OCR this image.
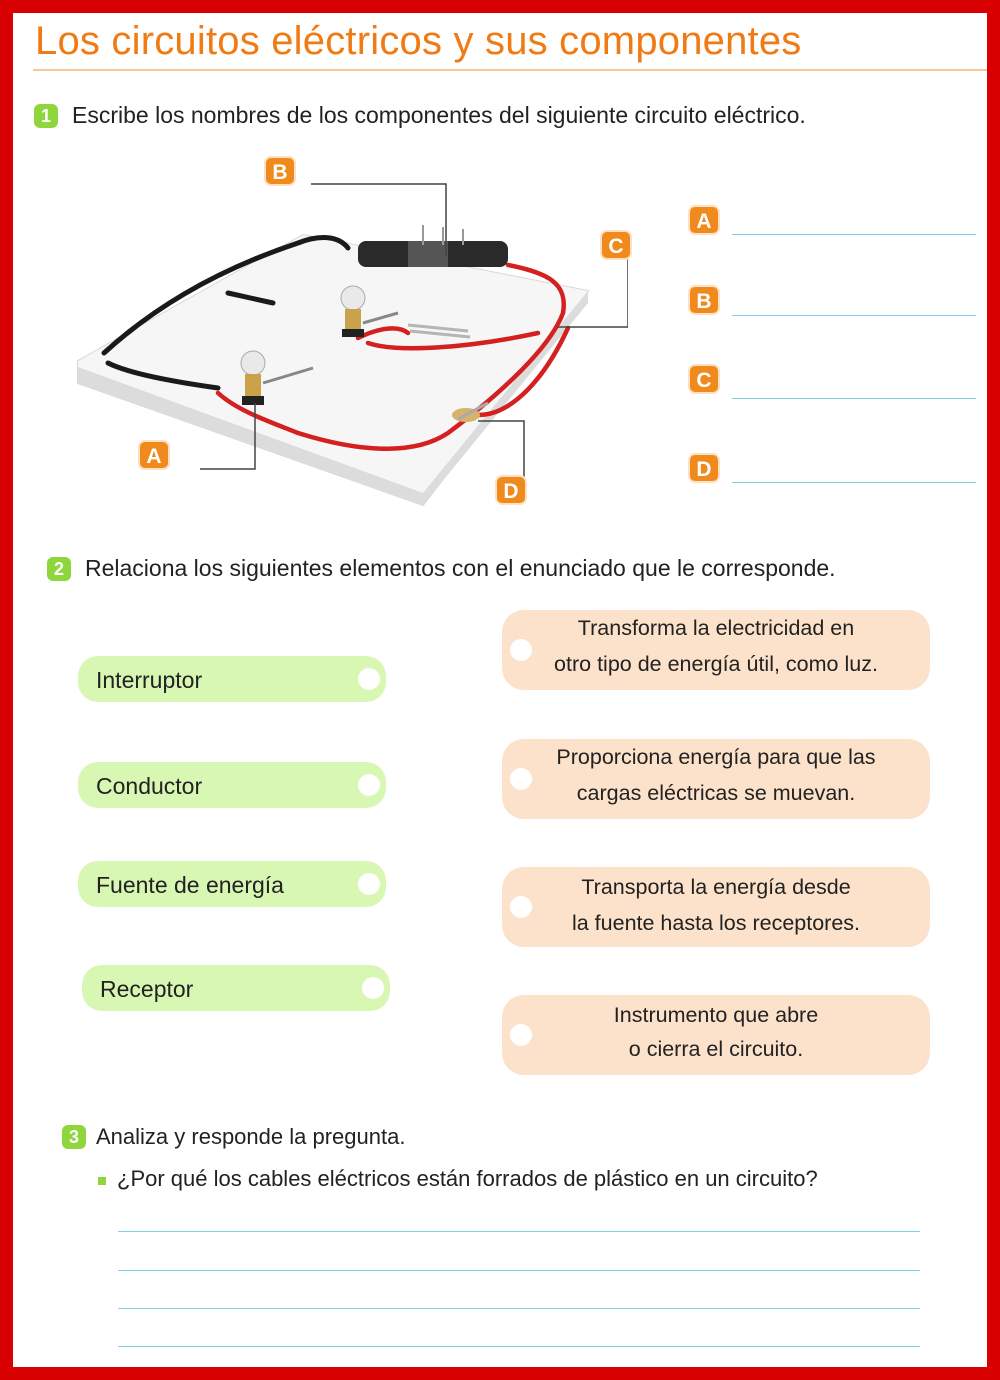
Los circuitos eléctricos y sus componentes
1 Escribe los nombres de los componentes del siguiente circuito eléctrico.
B
A
C
D
A
B
C
D
2 Relaciona los siguientes elementos con el enunciado que le corresponde.
Interruptor
Conductor
Fuente de energía
Receptor
Transforma la electricidad en
otro tipo de energía útil, como luz.
Proporciona energía para que las
cargas eléctricas se muevan.
Transporta la energía desde
la fuente hasta los receptores.
Instrumento que abre
o cierra el circuito.
3 Analiza y responde la pregunta.
¿Por qué los cables eléctricos están forrados de plástico en un circuito?
